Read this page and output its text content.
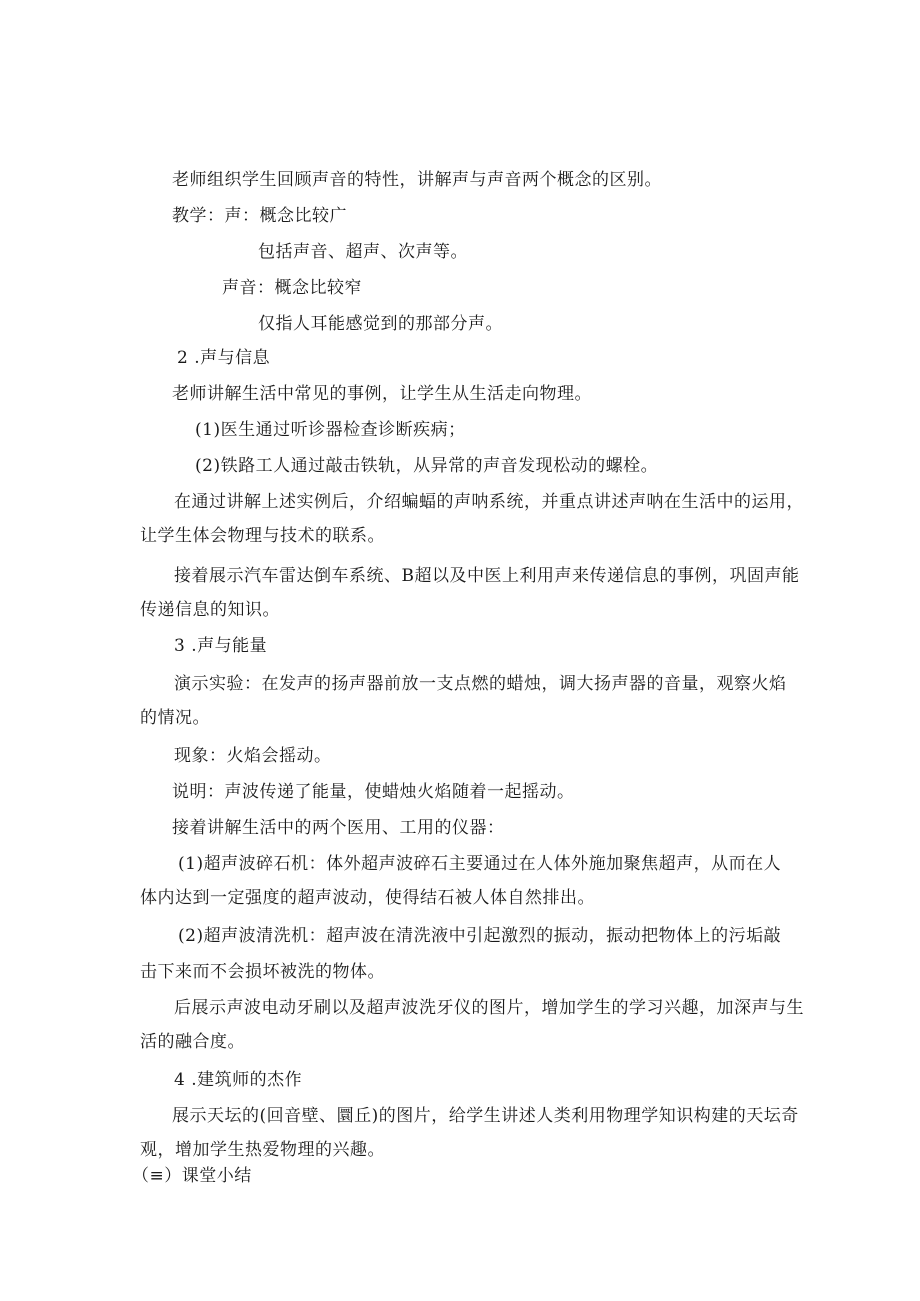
老师组织学生回顾声音的特性，讲解声与声音两个概念的区别。
教学：声：概念比较广
包括声音、超声、次声等。
声音：概念比较窄
仅指人耳能感觉到的那部分声。
2 .声与信息
老师讲解生活中常见的事例，让学生从生活走向物理。
(1)医生通过听诊器检查诊断疾病；
(2)铁路工人通过敲击铁轨，从异常的声音发现松动的螺栓。
在通过讲解上述实例后，介绍蝙蝠的声呐系统，并重点讲述声呐在生活中的运用，
让学生体会物理与技术的联系。
接着展示汽车雷达倒车系统、B超以及中医上利用声来传递信息的事例，巩固声能
传递信息的知识。
3 .声与能量
演示实验：在发声的扬声器前放一支点燃的蜡烛，调大扬声器的音量，观察火焰
的情况。
现象：火焰会摇动。
说明：声波传递了能量，使蜡烛火焰随着一起摇动。
接着讲解生活中的两个医用、工用的仪器：
(1)超声波碎石机：体外超声波碎石主要通过在人体外施加聚焦超声，从而在人
体内达到一定强度的超声波动，使得结石被人体自然排出。
(2)超声波清洗机：超声波在清洗液中引起激烈的振动，振动把物体上的污垢敲
击下来而不会损坏被洗的物体。
后展示声波电动牙刷以及超声波洗牙仪的图片，增加学生的学习兴趣，加深声与生
活的融合度。
4 .建筑师的杰作
展示天坛的(回音壁、圜丘)的图片，给学生讲述人类利用物理学知识构建的天坛奇
观，增加学生热爱物理的兴趣。
（≡）课堂小结
